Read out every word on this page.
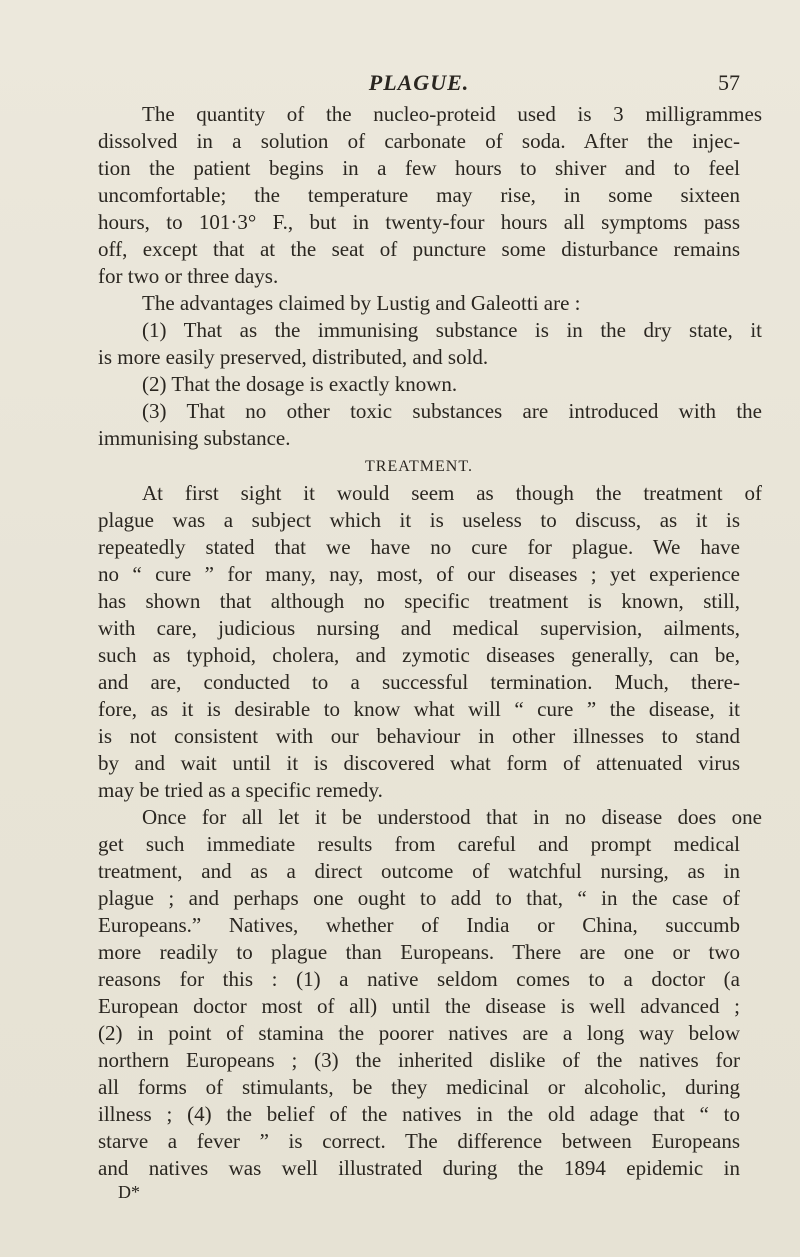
PLAGUE.	57
The quantity of the nucleo-proteid used is 3 milligrammes
dissolved in a solution of carbonate of soda. After the injec-
tion the patient begins in a few hours to shiver and to feel
uncomfortable; the temperature may rise, in some sixteen
hours, to 101·3° F., but in twenty-four hours all symptoms pass
off, except that at the seat of puncture some disturbance remains
for two or three days.
The advantages claimed by Lustig and Galeotti are :
(1) That as the immunising substance is in the dry state, it
is more easily preserved, distributed, and sold.
(2) That the dosage is exactly known.
(3) That no other toxic substances are introduced with the
immunising substance.
TREATMENT.
At first sight it would seem as though the treatment of
plague was a subject which it is useless to discuss, as it is
repeatedly stated that we have no cure for plague. We have
no “ cure ” for many, nay, most, of our diseases ; yet experience
has shown that although no specific treatment is known, still,
with care, judicious nursing and medical supervision, ailments,
such as typhoid, cholera, and zymotic diseases generally, can be,
and are, conducted to a successful termination. Much, there-
fore, as it is desirable to know what will “ cure ” the disease, it
is not consistent with our behaviour in other illnesses to stand
by and wait until it is discovered what form of attenuated virus
may be tried as a specific remedy.
Once for all let it be understood that in no disease does one
get such immediate results from careful and prompt medical
treatment, and as a direct outcome of watchful nursing, as in
plague ; and perhaps one ought to add to that, “ in the case of
Europeans.” Natives, whether of India or China, succumb
more readily to plague than Europeans. There are one or two
reasons for this : (1) a native seldom comes to a doctor (a
European doctor most of all) until the disease is well advanced ;
(2) in point of stamina the poorer natives are a long way below
northern Europeans ; (3) the inherited dislike of the natives for
all forms of stimulants, be they medicinal or alcoholic, during
illness ; (4) the belief of the natives in the old adage that “ to
starve a fever ” is correct. The difference between Europeans
and natives was well illustrated during the 1894 epidemic in
D*
